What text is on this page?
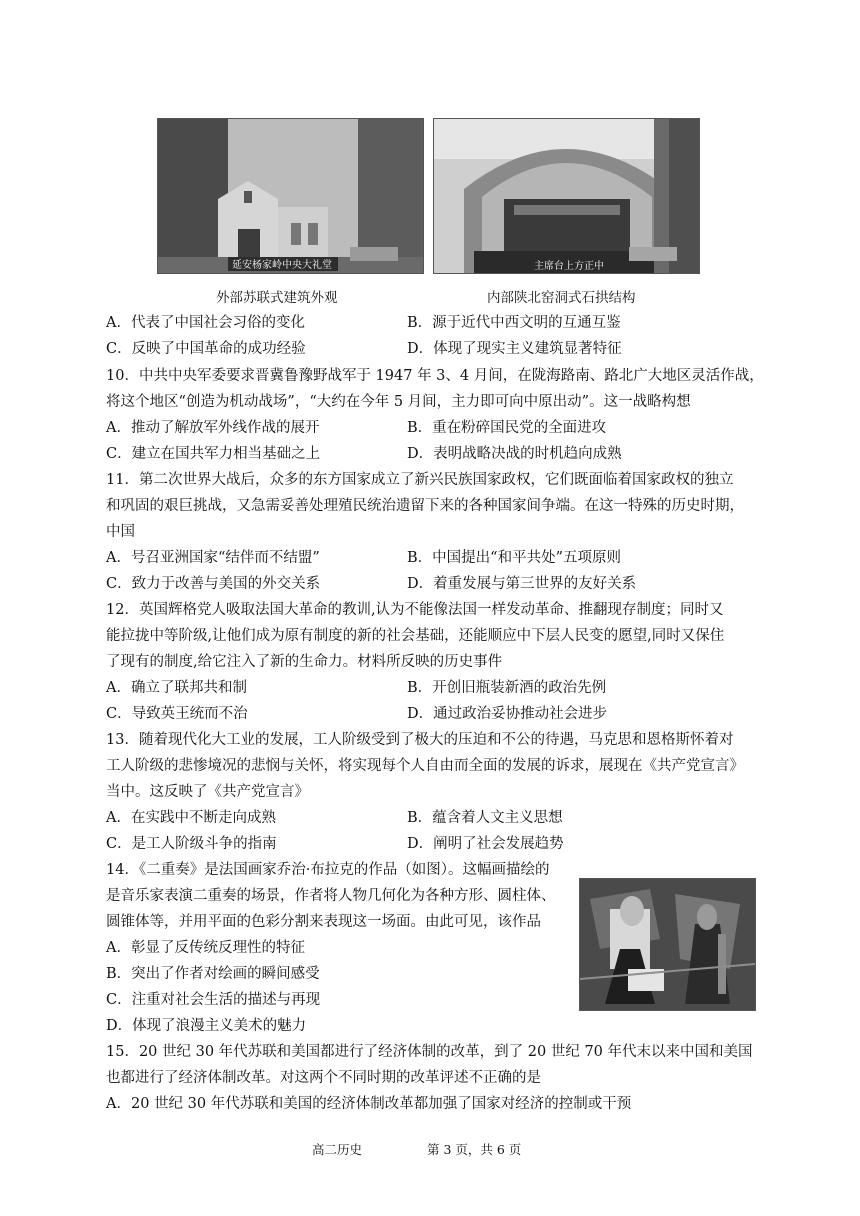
延安杨家岭中央大礼堂	主席台上方正中
外部苏联式建筑外观	内部陕北窑洞式石拱结构
A．代表了中国社会习俗的变化	B．源于近代中西文明的互通互鉴
C．反映了中国革命的成功经验	D．体现了现实主义建筑显著特征
10．中共中央军委要求晋冀鲁豫野战军于 1947 年 3、4 月间，在陇海路南、路北广大地区灵活作战，
将这个地区“创造为机动战场”，“大约在今年 5 月间，主力即可向中原出动”。这一战略构想
A．推动了解放军外线作战的展开	B．重在粉碎国民党的全面进攻
C．建立在国共军力相当基础之上	D．表明战略决战的时机趋向成熟
11．第二次世界大战后，众多的东方国家成立了新兴民族国家政权，它们既面临着国家政权的独立
和巩固的艰巨挑战，又急需妥善处理殖民统治遗留下来的各种国家间争端。在这一特殊的历史时期，
中国
A．号召亚洲国家“结伴而不结盟”	B．中国提出“和平共处”五项原则
C．致力于改善与美国的外交关系	D．着重发展与第三世界的友好关系
12．英国辉格党人吸取法国大革命的教训,认为不能像法国一样发动革命、推翻现存制度；同时又
能拉拢中等阶级,让他们成为原有制度的新的社会基础，还能顺应中下层人民变的愿望,同时又保住
了现有的制度,给它注入了新的生命力。材料所反映的历史事件
A．确立了联邦共和制	B．开创旧瓶装新酒的政治先例
C．导致英王统而不治	D．通过政治妥协推动社会进步
13．随着现代化大工业的发展，工人阶级受到了极大的压迫和不公的待遇，马克思和恩格斯怀着对
工人阶级的悲惨境况的悲悯与关怀，将实现每个人自由而全面的发展的诉求，展现在《共产党宣言》
当中。这反映了《共产党宣言》
A．在实践中不断走向成熟	B．蕴含着人文主义思想
C．是工人阶级斗争的指南	D．阐明了社会发展趋势
14．《二重奏》是法国画家乔治·布拉克的作品（如图）。这幅画描绘的
是音乐家表演二重奏的场景，作者将人物几何化为各种方形、圆柱体、
圆锥体等，并用平面的色彩分割来表现这一场面。由此可见，该作品
A．彰显了反传统反理性的特征
B．突出了作者对绘画的瞬间感受
C．注重对社会生活的描述与再现
D．体现了浪漫主义美术的魅力
15．20 世纪 30 年代苏联和美国都进行了经济体制的改革，到了 20 世纪 70 年代末以来中国和美国
也都进行了经济体制改革。对这两个不同时期的改革评述不正确的是
A．20 世纪 30 年代苏联和美国的经济体制改革都加强了国家对经济的控制或干预
高二历史	第 3 页，共 6 页
